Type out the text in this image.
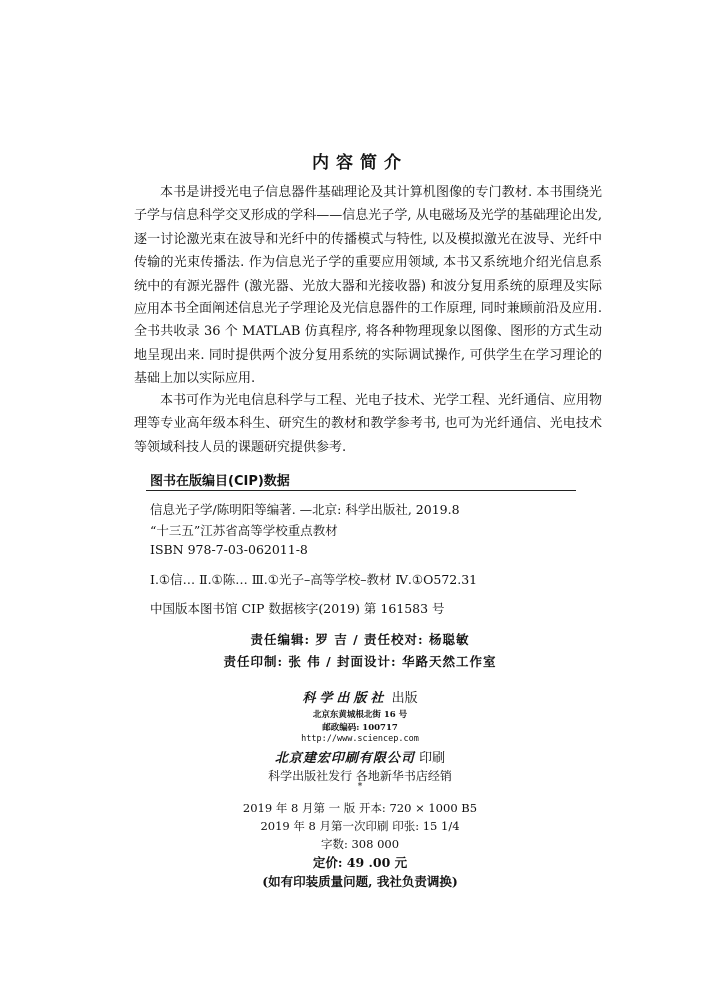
内容简介

本书是讲授光电子信息器件基础理论及其计算机图像的专门教材. 本书围绕光子学与信息科学交叉形成的学科——信息光子学, 从电磁场及光学的基础理论出发, 逐一讨论激光束在波导和光纤中的传播模式与特性, 以及模拟激光在波导、光纤中传输的光束传播法. 作为信息光子学的重要应用领域, 本书又系统地介绍光信息系统中的有源光器件 (激光器、光放大器和光接收器) 和波分复用系统的原理及实际应用.

本书全面阐述信息光子学理论及光信息器件的工作原理, 同时兼顾前沿及应用. 全书共收录 36 个 MATLAB 仿真程序, 将各种物理现象以图像、图形的方式生动地呈现出来. 同时提供两个波分复用系统的实际调试操作, 可供学生在学习理论的基础上加以实际应用.

本书可作为光电信息科学与工程、光电子技术、光学工程、光纤通信、应用物理等专业高年级本科生、研究生的教材和教学参考书, 也可为光纤通信、光电技术等领域科技人员的课题研究提供参考.

图书在版编目(CIP)数据
信息光子学/陈明阳等编著. —北京: 科学出版社, 2019.8
“十三五”江苏省高等学校重点教材
ISBN 978-7-03-062011-8
Ⅰ.①信… Ⅱ.①陈… Ⅲ.①光子–高等学校–教材 Ⅳ.①O572.31
中国版本图书馆 CIP 数据核字(2019) 第 161583 号
责任编辑: 罗 吉 / 责任校对: 杨聪敏
责任印制: 张 伟 / 封面设计: 华路天然工作室
科学出版社 出版
北京东黄城根北街 16 号
邮政编码: 100717
http://www.sciencep.com
北京建宏印刷有限公司 印刷
科学出版社发行 各地新华书店经销
*
2019 年 8 月第 一 版 开本: 720 × 1000 B5
2019 年 8 月第一次印刷 印张: 15 1/4
字数: 308 000
定价: 49 .00 元
(如有印装质量问题, 我社负责调换)
